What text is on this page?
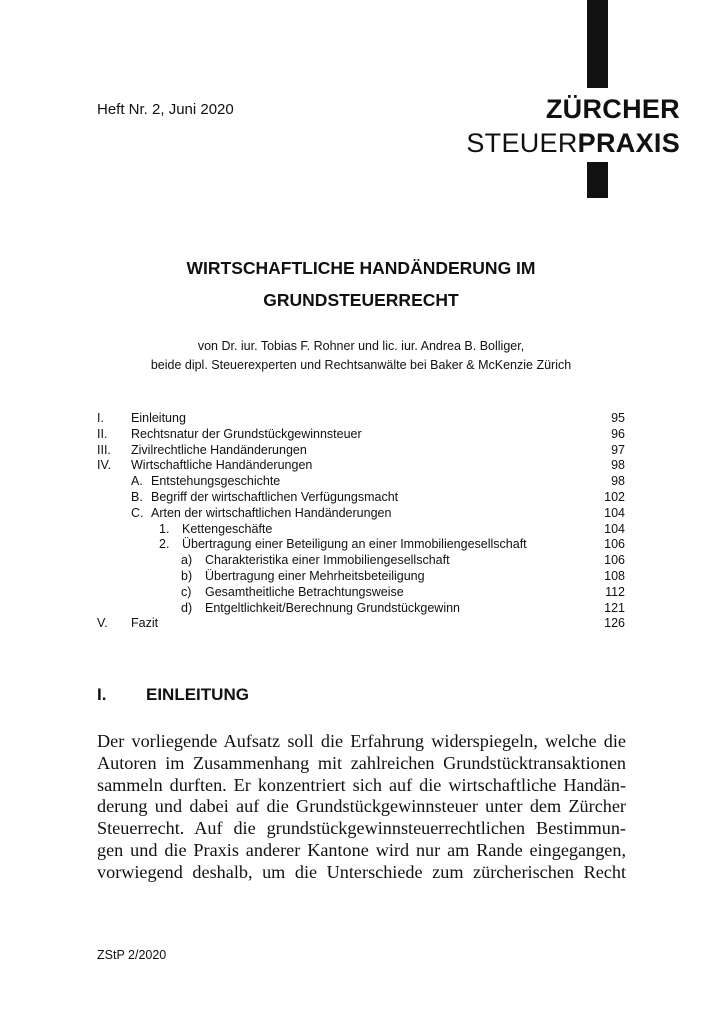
Heft Nr. 2, Juni 2020	ZÜRCHER
STEUERPRAXIS
WIRTSCHAFTLICHE HANDÄNDERUNG IM
GRUNDSTEUERRECHT
von Dr. iur. Tobias F. Rohner und lic. iur. Andrea B. Bolliger,
beide dipl. Steuerexperten und Rechtsanwälte bei Baker & McKenzie Zürich
I. Einleitung	95
II. Rechtsnatur der Grundstückgewinnsteuer	96
III. Zivilrechtliche Handänderungen	97
IV. Wirtschaftliche Handänderungen	98
A. Entstehungsgeschichte	98
B. Begriff der wirtschaftlichen Verfügungsmacht	102
C. Arten der wirtschaftlichen Handänderungen	104
1. Kettengeschäfte	104
2. Übertragung einer Beteiligung an einer Immobiliengesellschaft	106
a) Charakteristika einer Immobiliengesellschaft	106
b) Übertragung einer Mehrheitsbeteiligung	108
c) Gesamtheitliche Betrachtungsweise	112
d) Entgeltlichkeit/Berechnung Grundstückgewinn	121
V. Fazit	126
I. EINLEITUNG
Der vorliegende Aufsatz soll die Erfahrung widerspiegeln, welche die
Autoren im Zusammenhang mit zahlreichen Grundstücktransaktionen
sammeln durften. Er konzentriert sich auf die wirtschaftliche Handän-
derung und dabei auf die Grundstückgewinnsteuer unter dem Zürcher
Steuerrecht. Auf die grundstückgewinnsteuerrechtlichen Bestimmun-
gen und die Praxis anderer Kantone wird nur am Rande eingegangen,
vorwiegend deshalb, um die Unterschiede zum zürcherischen Recht
ZStP 2/2020
